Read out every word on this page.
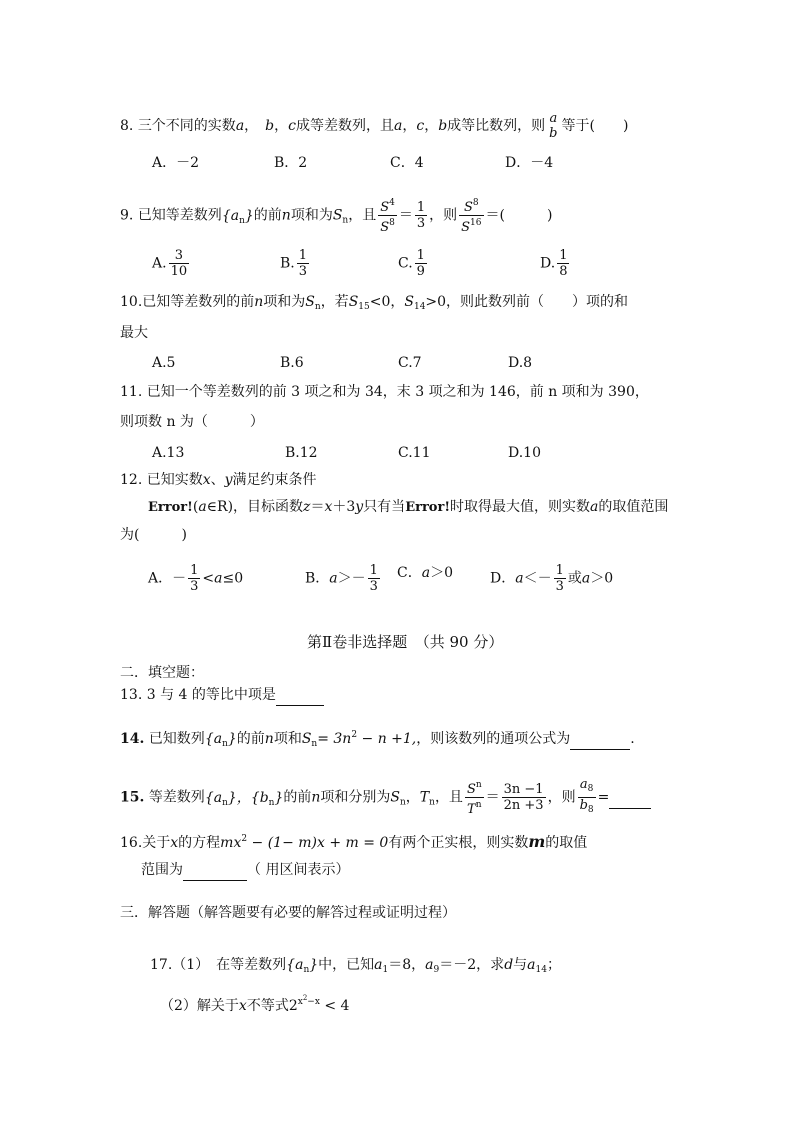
8. 三个不同的实数a，　b，c成等差数列，且a，c，b成等比数列，则 a
b 等于(　　)
A．－2	B．2	C．4	D．－4
9. 已知等差数列$\{a_n\}$的前n项和为$S_n$，且 $\frac{S^4}{S^8} = \frac{1}{3}$ ，则 $\frac{S^8}{S^{16}}$ ＝(　　　)
A. $\frac{3}{10}$	B. $\frac{1}{3}$	C. $\frac{1}{9}$	D. $\frac{1}{8}$
10.已知等差数列的前n项和为$S_n$，若$S_{15}<0$，$S_{14}>0$，则此数列前（　　）项的和
最大
A.5	B.6	C.7	D.8
11. 已知一个等差数列的前 3 项之和为 34，末 3 项之和为 146，前 n 项和为 390，
则项数 n 为（　　　）
A.13	B.12	C.11	D.10
12. 已知实数x、y满足约束条件
Error!(a∈R)，目标函数z＝x＋3y只有当Error!时取得最大值，则实数a的取值范围
为(　　　)
A．－ $\frac{1}{3} <a\le 0$	B．$a>- \frac{1}{3}$ C．a＞0	D．$a<- \frac{1}{3}$ 或a＞0
第Ⅱ卷非选择题　（共 90 分）
二．填空题：
13. 3 与 4 的等比中项是
14. 已知数列$\{a_n\}$的前n项和$S_n= 3n^2 - n +1$,，则该数列的通项公式为	.
15. 等差数列$\{a_n\}$，$\{b_n\}$的前n项和分别为$S_n$，$T_n$，且 $\frac{S^n}{T^n} = \frac{3n -1}{2n +3}$ ，则 $\frac{a_8}{b_8}$ =
16.关于x的方程$mx^2 - (1- m)x + m = 0$有两个正实根，则实数m的取值
范围为	（ 用区间表示）
三．解答题（解答题要有必要的解答过程或证明过程）
17.（1）　在等差数列$\{a_n\}$中，已知$a_1=8$，$a_9=-2$，求d与$a_{14}$；
（2）解关于x不等式$2^{x^2-x} < 4$
